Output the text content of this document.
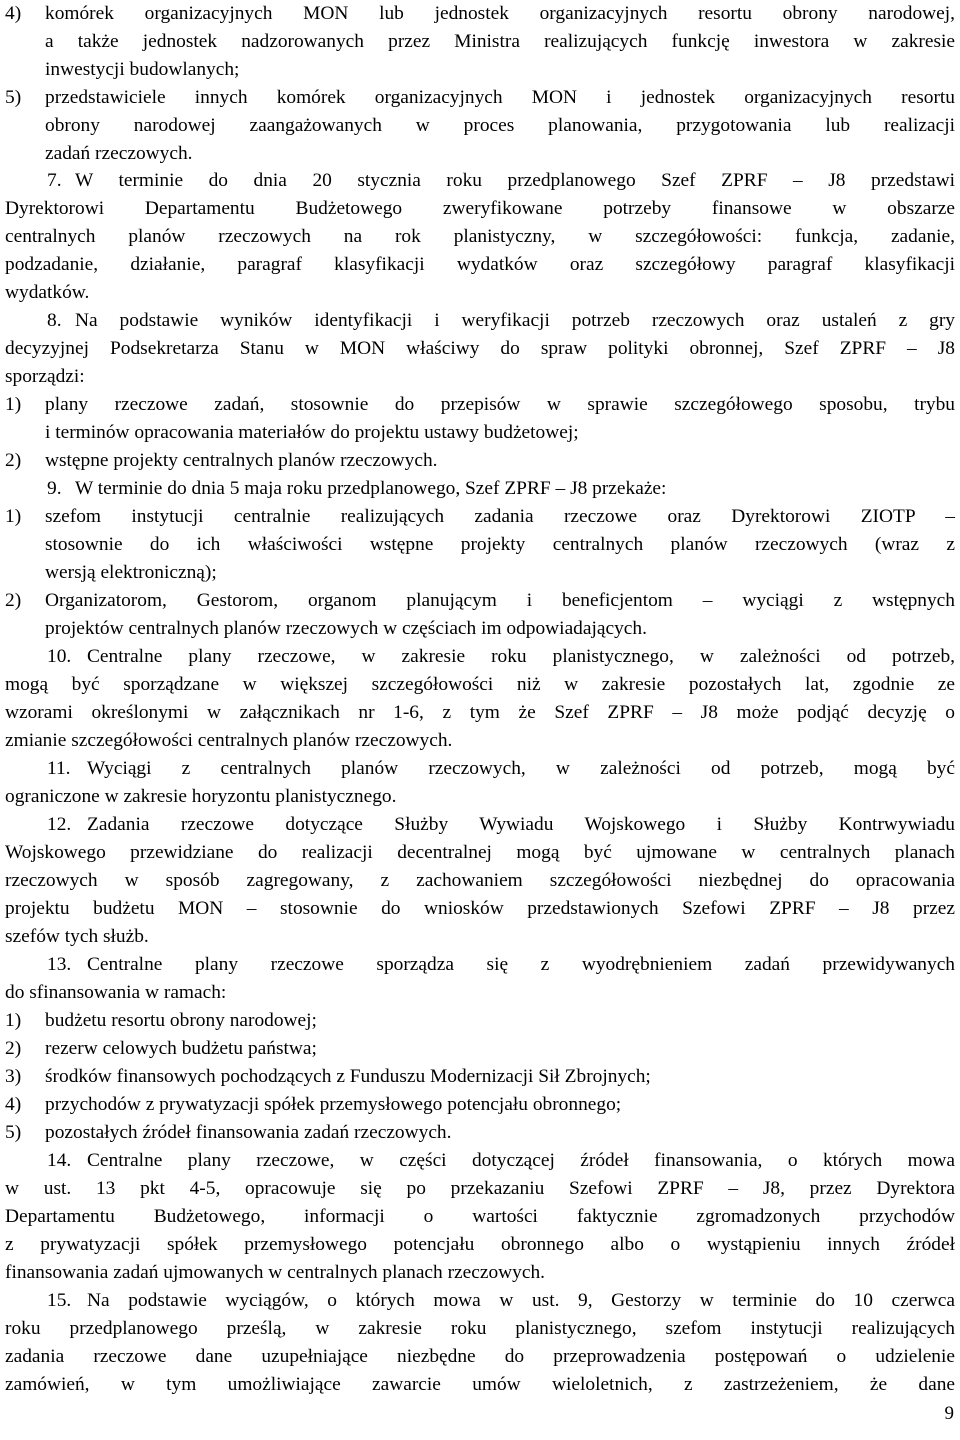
4)	komórek organizacyjnych MON lub jednostek organizacyjnych resortu obrony narodowej,
a także jednostek nadzorowanych przez Ministra realizujących funkcję inwestora w zakresie
inwestycji budowlanych;
5)	przedstawiciele innych komórek organizacyjnych MON i jednostek organizacyjnych resortu
obrony narodowej zaangażowanych w proces planowania, przygotowania lub realizacji
zadań rzeczowych.
7. W terminie do dnia 20 stycznia roku przedplanowego Szef ZPRF – J8 przedstawi
Dyrektorowi Departamentu Budżetowego zweryfikowane potrzeby finansowe w obszarze
centralnych planów rzeczowych na rok planistyczny, w szczegółowości: funkcja, zadanie,
podzadanie, działanie, paragraf klasyfikacji wydatków oraz szczegółowy paragraf klasyfikacji
wydatków.
8. Na podstawie wyników identyfikacji i weryfikacji potrzeb rzeczowych oraz ustaleń z gry
decyzyjnej Podsekretarza Stanu w MON właściwy do spraw polityki obronnej, Szef ZPRF – J8
sporządzi:
1)	plany rzeczowe zadań, stosownie do przepisów w sprawie szczegółowego sposobu, trybu
i terminów opracowania materiałów do projektu ustawy budżetowej;
2)	wstępne projekty centralnych planów rzeczowych.
9. W terminie do dnia 5 maja roku przedplanowego, Szef ZPRF – J8 przekaże:
1)	szefom instytucji centralnie realizujących zadania rzeczowe oraz Dyrektorowi ZIOTP –
stosownie do ich właściwości wstępne projekty centralnych planów rzeczowych (wraz z
wersją elektroniczną);
2)	Organizatorom, Gestorom, organom planującym i beneficjentom – wyciągi z wstępnych
projektów centralnych planów rzeczowych w częściach im odpowiadających.
10. Centralne plany rzeczowe, w zakresie roku planistycznego, w zależności od potrzeb,
mogą być sporządzane w większej szczegółowości niż w zakresie pozostałych lat, zgodnie ze
wzorami określonymi w załącznikach nr 1-6, z tym że Szef ZPRF – J8 może podjąć decyzję o
zmianie szczegółowości centralnych planów rzeczowych.
11. Wyciągi z centralnych planów rzeczowych, w zależności od potrzeb, mogą być
ograniczone w zakresie horyzontu planistycznego.
12. Zadania rzeczowe dotyczące Służby Wywiadu Wojskowego i Służby Kontrwywiadu
Wojskowego przewidziane do realizacji decentralnej mogą być ujmowane w centralnych planach
rzeczowych w sposób zagregowany, z zachowaniem szczegółowości niezbędnej do opracowania
projektu budżetu MON – stosownie do wniosków przedstawionych Szefowi ZPRF – J8 przez
szefów tych służb.
13. Centralne plany rzeczowe sporządza się z wyodrębnieniem zadań przewidywanych
do sfinansowania w ramach:
1)	budżetu resortu obrony narodowej;
2)	rezerw celowych budżetu państwa;
3)	środków finansowych pochodzących z Funduszu Modernizacji Sił Zbrojnych;
4)	przychodów z prywatyzacji spółek przemysłowego potencjału obronnego;
5)	pozostałych źródeł finansowania zadań rzeczowych.
14. Centralne plany rzeczowe, w części dotyczącej źródeł finansowania, o których mowa
w ust. 13 pkt 4-5, opracowuje się po przekazaniu Szefowi ZPRF – J8, przez Dyrektora
Departamentu Budżetowego, informacji o wartości faktycznie zgromadzonych przychodów
z prywatyzacji spółek przemysłowego potencjału obronnego albo o wystąpieniu innych źródeł
finansowania zadań ujmowanych w centralnych planach rzeczowych.
15. Na podstawie wyciągów, o których mowa w ust. 9, Gestorzy w terminie do 10 czerwca
roku przedplanowego prześlą, w zakresie roku planistycznego, szefom instytucji realizujących
zadania rzeczowe dane uzupełniające niezbędne do przeprowadzenia postępowań o udzielenie
zamówień, w tym umożliwiające zawarcie umów wieloletnich, z zastrzeżeniem, że dane
9
